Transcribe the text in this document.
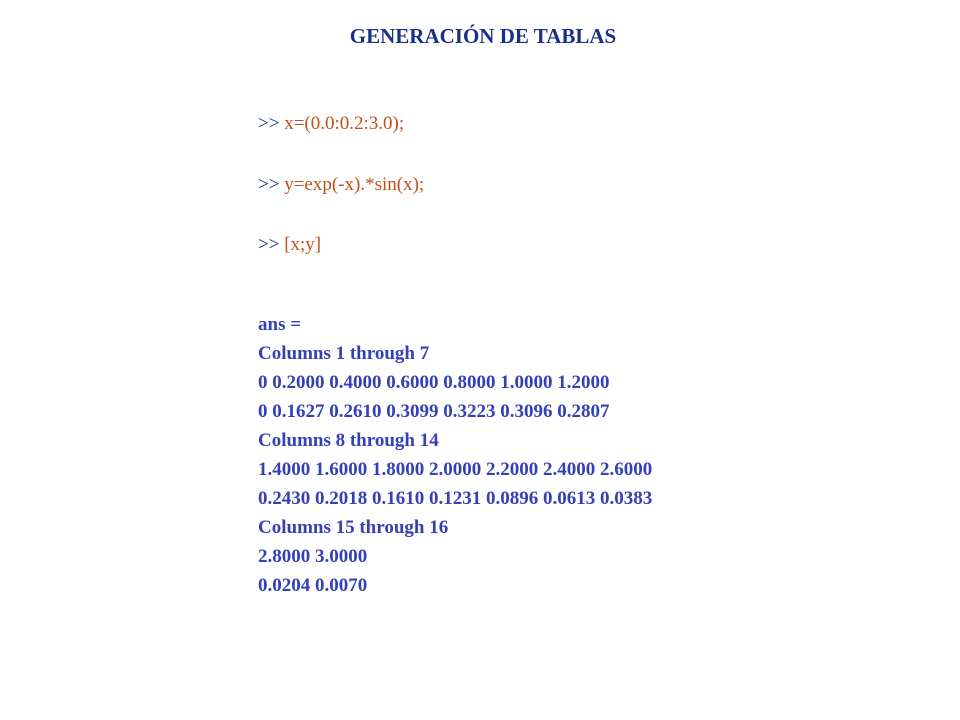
GENERACIÓN DE TABLAS
>> x=(0.0:0.2:3.0);
>> y=exp(-x).*sin(x);
>> [x;y]

ans =
Columns 1 through 7
0 0.2000 0.4000 0.6000 0.8000 1.0000 1.2000
0 0.1627 0.2610 0.3099 0.3223 0.3096 0.2807
Columns 8 through 14
1.4000 1.6000 1.8000 2.0000 2.2000 2.4000 2.6000
0.2430 0.2018 0.1610 0.1231 0.0896 0.0613 0.0383
Columns 15 through 16
2.8000 3.0000
0.0204 0.0070
